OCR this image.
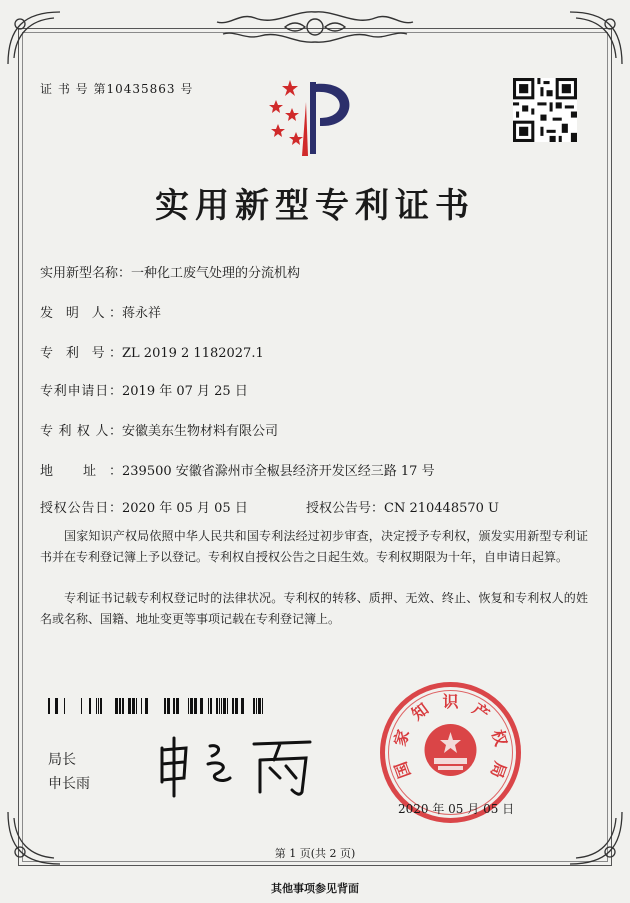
证 书 号 第10435863 号
实用新型专利证书
实用新型名称：一种化工废气处理的分流机构
发 明 人：蒋永祥
专 利 号：ZL 2019 2 1182027.1
专利申请日：2019 年 07 月 25 日
专 利 权 人：安徽美东生物材料有限公司
地 址：239500 安徽省滁州市全椒县经济开发区经三路 17 号
授权公告日：2020 年 05 月 05 日	授权公告号：CN 210448570 U
国家知识产权局依照中华人民共和国专利法经过初步审查，决定授予专利权，颁发实用新型专利证书并在专利登记簿上予以登记。专利权自授权公告之日起生效。专利权期限为十年，自申请日起算。
专利证书记载专利权登记时的法律状况。专利权的转移、质押、无效、终止、恢复和专利权人的姓名或名称、国籍、地址变更等事项记载在专利登记簿上。
局长
申长雨
国
家
知 识 产
权
局
2020 年 05 月 05 日
第 1 页(共 2 页)
其他事项参见背面
